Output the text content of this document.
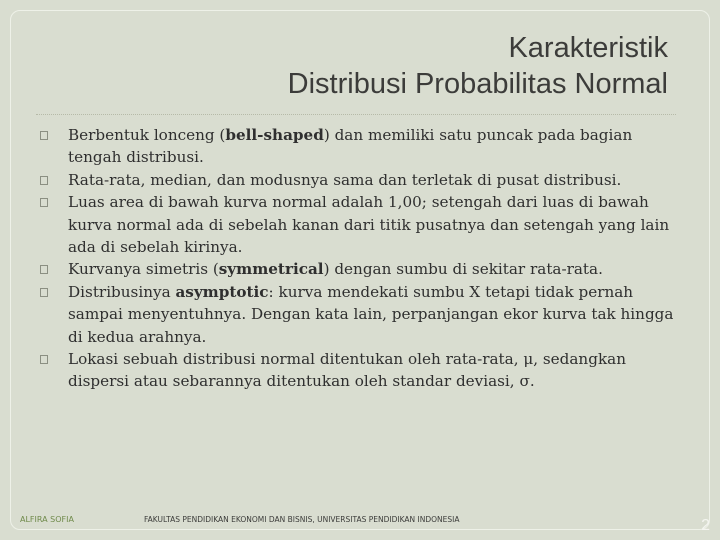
Karakteristik
Distribusi Probabilitas Normal
Berbentuk lonceng (bell-shaped) dan memiliki satu puncak pada bagian tengah distribusi.
Rata-rata, median, dan modusnya sama dan terletak di pusat distribusi.
Luas area di bawah kurva normal adalah 1,00; setengah dari luas di bawah kurva normal ada di sebelah kanan dari titik pusatnya dan setengah yang lain ada di sebelah kirinya.
Kurvanya simetris (symmetrical) dengan sumbu di sekitar rata-rata.
Distribusinya asymptotic: kurva mendekati sumbu X tetapi tidak pernah sampai menyentuhnya. Dengan kata lain, perpanjangan ekor kurva tak hingga di kedua arahnya.
Lokasi sebuah distribusi normal ditentukan oleh rata-rata, μ, sedangkan dispersi atau sebarannya ditentukan oleh standar deviasi, σ.
ALFIRA SOFIA	FAKULTAS PENDIDIKAN EKONOMI DAN BISNIS, UNIVERSITAS PENDIDIKAN INDONESIA	2
